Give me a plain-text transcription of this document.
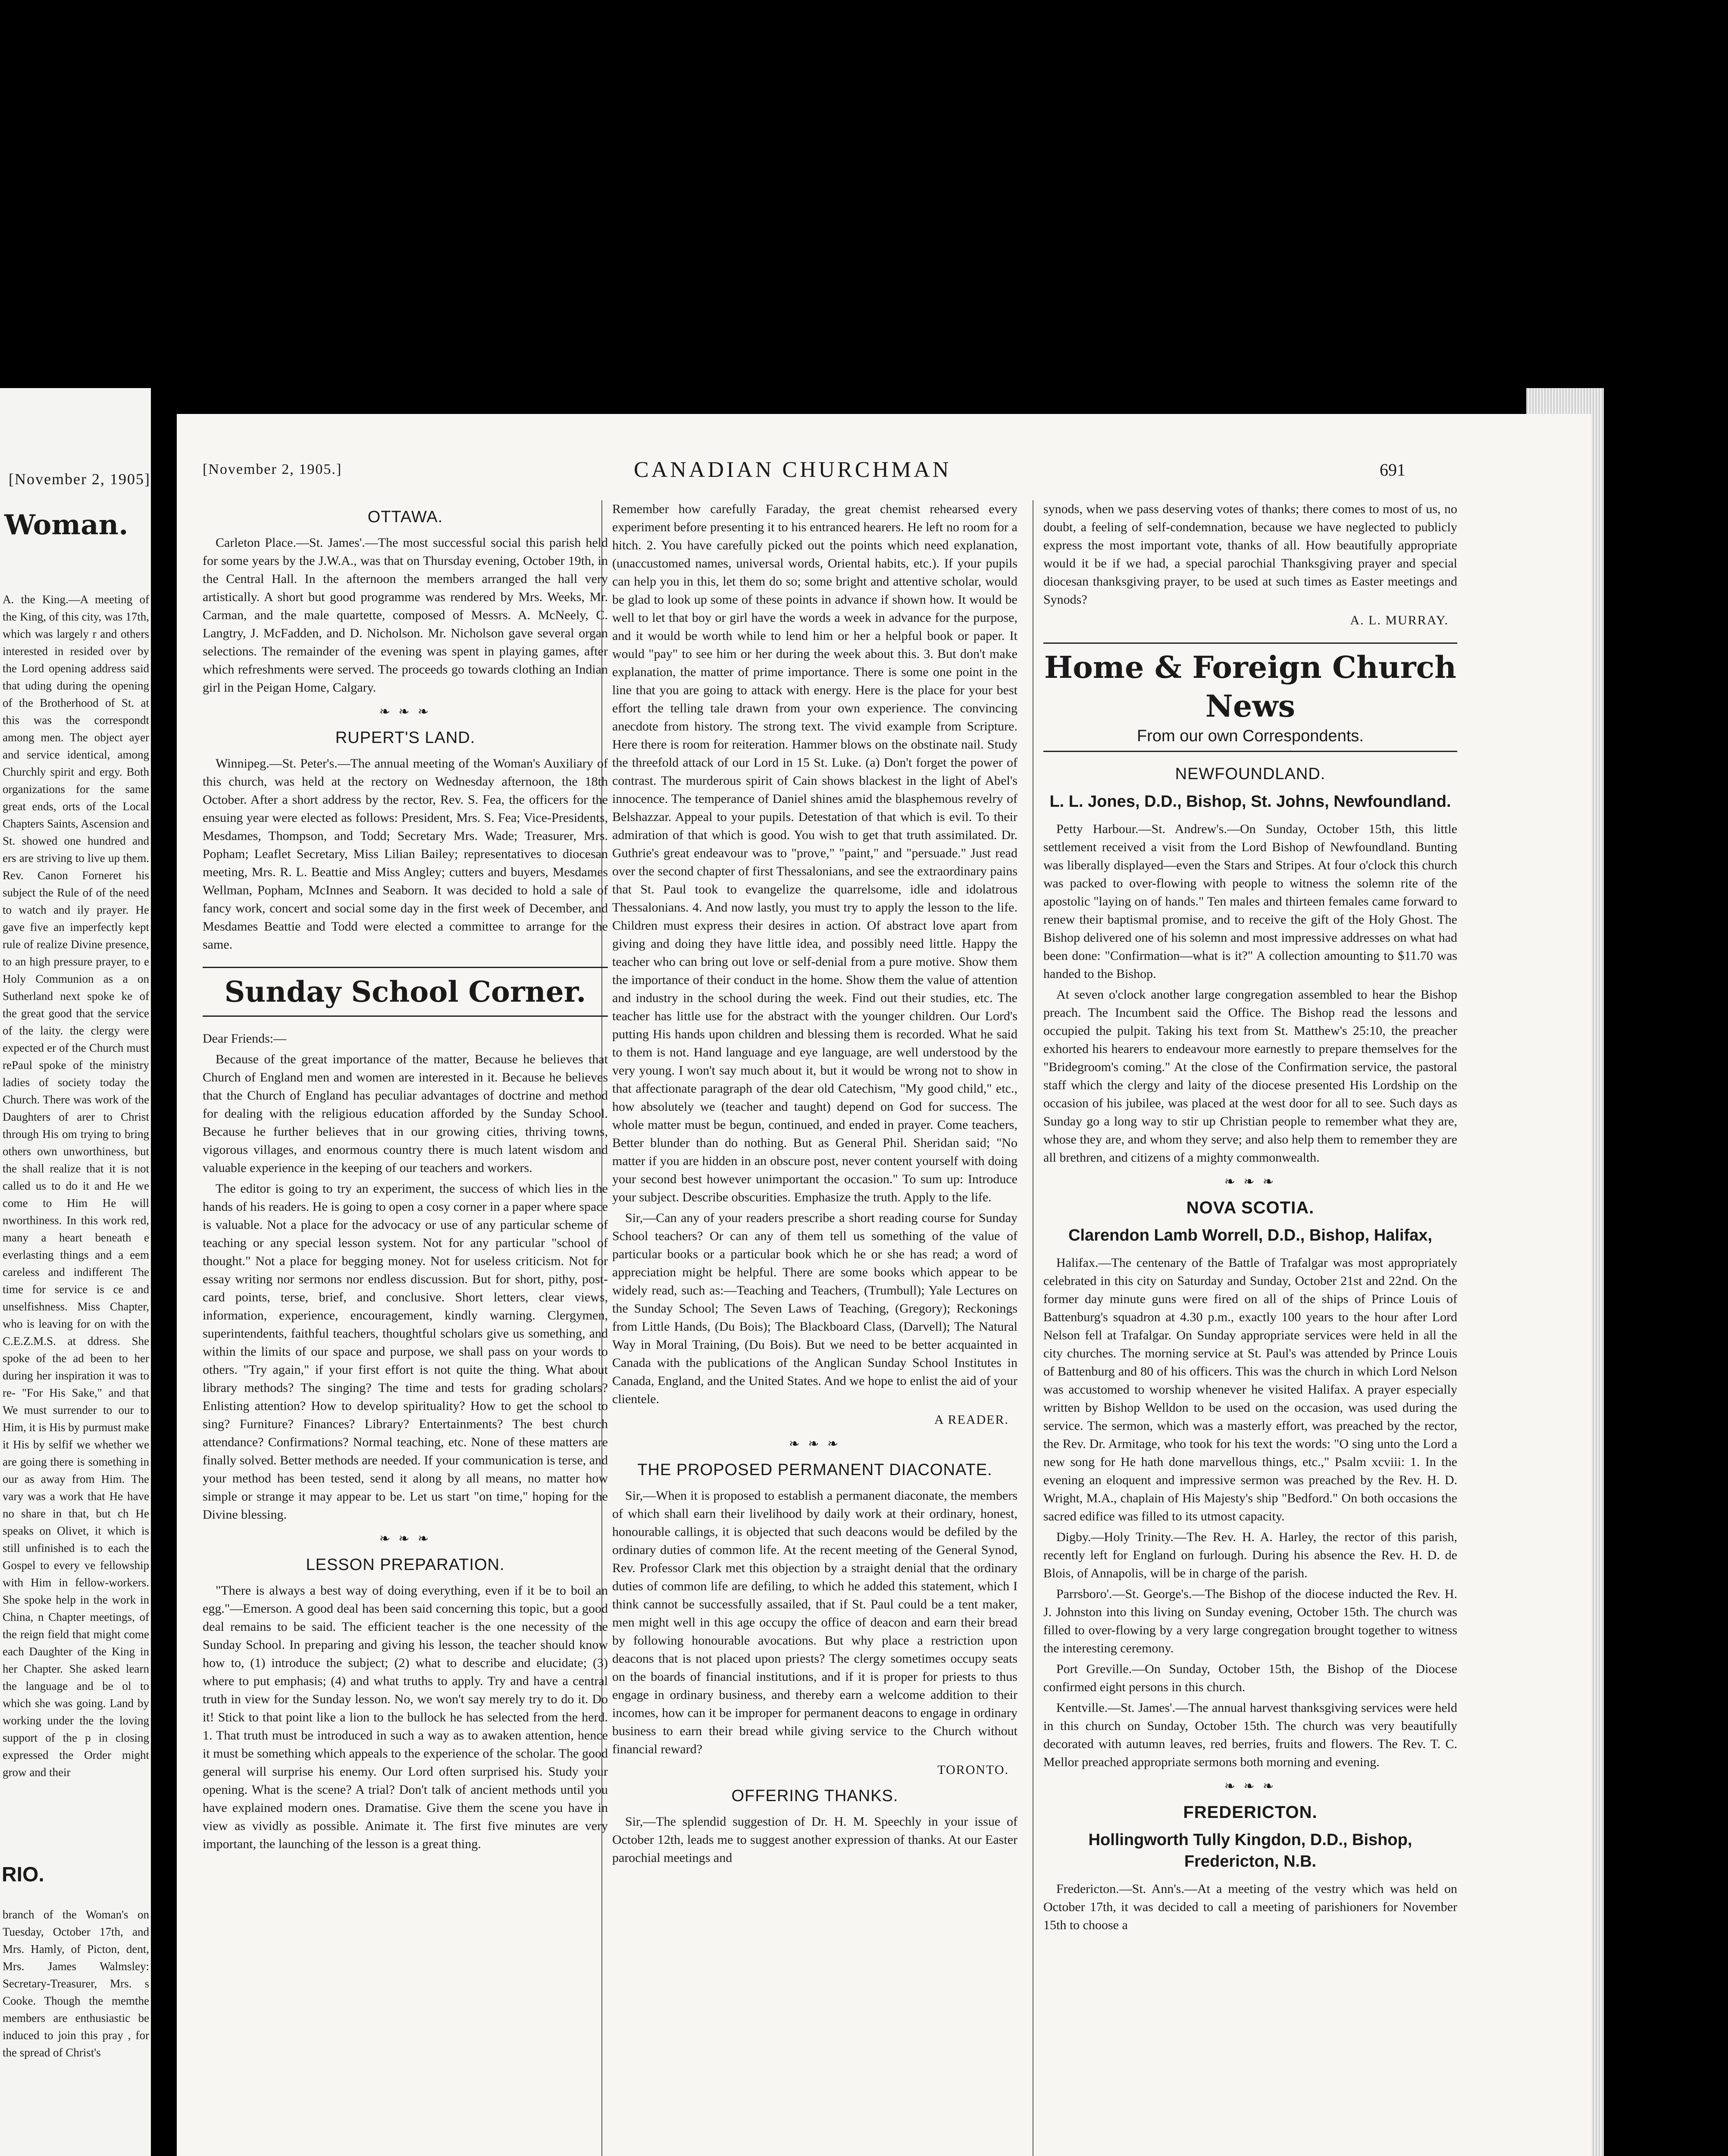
[November 2, 1905]
Woman.
A. the King.—A meeting of the King, of this city, was 17th, which was largely r and others interested in resided over by the Lord opening address said that uding during the opening of the Brotherhood of St. at this was the correspondt among men. The object ayer and service identical, among Churchly spirit and ergy. Both organizations for the same great ends, orts of the Local Chapters Saints, Ascension and St. showed one hundred and ers are striving to live up them. Rev. Canon Forneret his subject the Rule of of the need to watch and ily prayer. He gave five an imperfectly kept rule of realize Divine presence, to an high pressure prayer, to e Holy Communion as a on Sutherland next spoke ke of the great good that the service of the laity. the clergy were expected er of the Church must rePaul spoke of the ministry ladies of society today the Church. There was work of the Daughters of arer to Christ through His om trying to bring others own unworthiness, but the shall realize that it is not called us to do it and He we come to Him He will nworthiness. In this work red, many a heart beneath e everlasting things and a eem careless and indifferent The time for service is ce and unselfishness. Miss Chapter, who is leaving for on with the C.E.Z.M.S. at ddress. She spoke of the ad been to her during her inspiration it was to re- "For His Sake," and that We must surrender to our to Him, it is His by purmust make it His by selfif we whether we are going there is something in our as away from Him. The vary was a work that He have no share in that, but ch He speaks on Olivet, it which is still unfinished is to each the Gospel to every ve fellowship with Him in fellow-workers. She spoke help in the work in China, n Chapter meetings, of the reign field that might come each Daughter of the King in her Chapter. She asked learn the language and be ol to which she was going. Land by working under the the loving support of the p in closing expressed the Order might grow and their
RIO.
branch of the Woman's on Tuesday, October 17th, and Mrs. Hamly, of Picton, dent, Mrs. James Walmsley: Secretary-Treasurer, Mrs. s Cooke. Though the memthe members are enthusiastic be induced to join this pray , for the spread of Christ's
[November 2, 1905.]	CANADIAN CHURCHMAN	691
OTTAWA.

Carleton Place.—St. James'.—The most successful social this parish held for some years by the J.W.A., was that on Thursday evening, October 19th, in the Central Hall. In the afternoon the members arranged the hall very artistically. A short but good programme was rendered by Mrs. Weeks, Mr. Carman, and the male quartette, composed of Messrs. A. McNeely, C. Langtry, J. McFadden, and D. Nicholson. Mr. Nicholson gave several organ selections. The remainder of the evening was spent in playing games, after which refreshments were served. The proceeds go towards clothing an Indian girl in the Peigan Home, Calgary.

❧ ❧ ❧
RUPERT'S LAND.

Winnipeg.—St. Peter's.—The annual meeting of the Woman's Auxiliary of this church, was held at the rectory on Wednesday afternoon, the 18th October. After a short address by the rector, Rev. S. Fea, the officers for the ensuing year were elected as follows: President, Mrs. S. Fea; Vice-Presidents, Mesdames, Thompson, and Todd; Secretary Mrs. Wade; Treasurer, Mrs. Popham; Leaflet Secretary, Miss Lilian Bailey; representatives to diocesan meeting, Mrs. R. L. Beattie and Miss Angley; cutters and buyers, Mesdames Wellman, Popham, McInnes and Seaborn. It was decided to hold a sale of fancy work, concert and social some day in the first week of December, and Mesdames Beattie and Todd were elected a committee to arrange for the same.

Sunday School Corner.

Dear Friends:—

Because of the great importance of the matter, Because he believes that Church of England men and women are interested in it. Because he believes that the Church of England has peculiar advantages of doctrine and method for dealing with the religious education afforded by the Sunday School. Because he further believes that in our growing cities, thriving towns, vigorous villages, and enormous country there is much latent wisdom and valuable experience in the keeping of our teachers and workers.

The editor is going to try an experiment, the success of which lies in the hands of his readers. He is going to open a cosy corner in a paper where space is valuable. Not a place for the advocacy or use of any particular scheme of teaching or any special lesson system. Not for any particular "school of thought." Not a place for begging money. Not for useless criticism. Not for essay writing nor sermons nor endless discussion. But for short, pithy, post-card points, terse, brief, and conclusive. Short letters, clear views, information, experience, encouragement, kindly warning. Clergymen, superintendents, faithful teachers, thoughtful scholars give us something, and within the limits of our space and purpose, we shall pass on your words to others. "Try again," if your first effort is not quite the thing. What about library methods? The singing? The time and tests for grading scholars? Enlisting attention? How to develop spirituality? How to get the school to sing? Furniture? Finances? Library? Entertainments? The best church attendance? Confirmations? Normal teaching, etc. None of these matters are finally solved. Better methods are needed. If your communication is terse, and your method has been tested, send it along by all means, no matter how simple or strange it may appear to be. Let us start "on time," hoping for the Divine blessing.

❧ ❧ ❧
LESSON PREPARATION.

"There is always a best way of doing everything, even if it be to boil an egg."—Emerson. A good deal has been said concerning this topic, but a good deal remains to be said. The efficient teacher is the one necessity of the Sunday School. In preparing and giving his lesson, the teacher should know how to, (1) introduce the subject; (2) what to describe and elucidate; (3) where to put emphasis; (4) and what truths to apply. Try and have a central truth in view for the Sunday lesson. No, we won't say merely try to do it. Do it! Stick to that point like a lion to the bullock he has selected from the herd. 1. That truth must be introduced in such a way as to awaken attention, hence it must be something which appeals to the experience of the scholar. The good general will surprise his enemy. Our Lord often surprised his. Study your opening. What is the scene? A trial? Don't talk of ancient methods until you have explained modern ones. Dramatise. Give them the scene you have in view as vividly as possible. Animate it. The first five minutes are very important, the launching of the lesson is a great thing.

Remember how carefully Faraday, the great chemist rehearsed every experiment before presenting it to his entranced hearers. He left no room for a hitch. 2. You have carefully picked out the points which need explanation, (unaccustomed names, universal words, Oriental habits, etc.). If your pupils can help you in this, let them do so; some bright and attentive scholar, would be glad to look up some of these points in advance if shown how. It would be well to let that boy or girl have the words a week in advance for the purpose, and it would be worth while to lend him or her a helpful book or paper. It would "pay" to see him or her during the week about this. 3. But don't make explanation, the matter of prime importance. There is some one point in the line that you are going to attack with energy. Here is the place for your best effort the telling tale drawn from your own experience. The convincing anecdote from history. The strong text. The vivid example from Scripture. Here there is room for reiteration. Hammer blows on the obstinate nail. Study the threefold attack of our Lord in 15 St. Luke. (a) Don't forget the power of contrast. The murderous spirit of Cain shows blackest in the light of Abel's innocence. The temperance of Daniel shines amid the blasphemous revelry of Belshazzar. Appeal to your pupils. Detestation of that which is evil. To their admiration of that which is good. You wish to get that truth assimilated. Dr. Guthrie's great endeavour was to "prove," "paint," and "persuade." Just read over the second chapter of first Thessalonians, and see the extraordinary pains that St. Paul took to evangelize the quarrelsome, idle and idolatrous Thessalonians. 4. And now lastly, you must try to apply the lesson to the life. Children must express their desires in action. Of abstract love apart from giving and doing they have little idea, and possibly need little. Happy the teacher who can bring out love or self-denial from a pure motive. Show them the importance of their conduct in the home. Show them the value of attention and industry in the school during the week. Find out their studies, etc. The teacher has little use for the abstract with the younger children. Our Lord's putting His hands upon children and blessing them is recorded. What he said to them is not. Hand language and eye language, are well understood by the very young. I won't say much about it, but it would be wrong not to show in that affectionate paragraph of the dear old Catechism, "My good child," etc., how absolutely we (teacher and taught) depend on God for success. The whole matter must be begun, continued, and ended in prayer. Come teachers, Better blunder than do nothing. But as General Phil. Sheridan said; "No matter if you are hidden in an obscure post, never content yourself with doing your second best however unimportant the occasion." To sum up: Introduce your subject. Describe obscurities. Emphasize the truth. Apply to the life.

Sir,—Can any of your readers prescribe a short reading course for Sunday School teachers? Or can any of them tell us something of the value of particular books or a particular book which he or she has read; a word of appreciation might be helpful. There are some books which appear to be widely read, such as:—Teaching and Teachers, (Trumbull); Yale Lectures on the Sunday School; The Seven Laws of Teaching, (Gregory); Reckonings from Little Hands, (Du Bois); The Blackboard Class, (Darvell); The Natural Way in Moral Training, (Du Bois). But we need to be better acquainted in Canada with the publications of the Anglican Sunday School Institutes in Canada, England, and the United States. And we hope to enlist the aid of your clientele.

A READER.
❧ ❧ ❧
THE PROPOSED PERMANENT DIACONATE.

Sir,—When it is proposed to establish a permanent diaconate, the members of which shall earn their livelihood by daily work at their ordinary, honest, honourable callings, it is objected that such deacons would be defiled by the ordinary duties of common life. At the recent meeting of the General Synod, Rev. Professor Clark met this objection by a straight denial that the ordinary duties of common life are defiling, to which he added this statement, which I think cannot be successfully assailed, that if St. Paul could be a tent maker, men might well in this age occupy the office of deacon and earn their bread by following honourable avocations. But why place a restriction upon deacons that is not placed upon priests? The clergy sometimes occupy seats on the boards of financial institutions, and if it is proper for priests to thus engage in ordinary business, and thereby earn a welcome addition to their incomes, how can it be improper for permanent deacons to engage in ordinary business to earn their bread while giving service to the Church without financial reward?

TORONTO.
OFFERING THANKS.

Sir,—The splendid suggestion of Dr. H. M. Speechly in your issue of October 12th, leads me to suggest another expression of thanks. At our Easter parochial meetings and

synods, when we pass deserving votes of thanks; there comes to most of us, no doubt, a feeling of self-condemnation, because we have neglected to publicly express the most important vote, thanks of all. How beautifully appropriate would it be if we had, a special parochial Thanksgiving prayer and special diocesan thanksgiving prayer, to be used at such times as Easter meetings and Synods?

A. L. MURRAY.
Home & Foreign Church News
From our own Correspondents.
NEWFOUNDLAND.
L. L. Jones, D.D., Bishop, St. Johns, Newfoundland.

Petty Harbour.—St. Andrew's.—On Sunday, October 15th, this little settlement received a visit from the Lord Bishop of Newfoundland. Bunting was liberally displayed—even the Stars and Stripes. At four o'clock this church was packed to over-flowing with people to witness the solemn rite of the apostolic "laying on of hands." Ten males and thirteen females came forward to renew their baptismal promise, and to receive the gift of the Holy Ghost. The Bishop delivered one of his solemn and most impressive addresses on what had been done: "Confirmation—what is it?" A collection amounting to $11.70 was handed to the Bishop.

At seven o'clock another large congregation assembled to hear the Bishop preach. The Incumbent said the Office. The Bishop read the lessons and occupied the pulpit. Taking his text from St. Matthew's 25:10, the preacher exhorted his hearers to endeavour more earnestly to prepare themselves for the "Bridegroom's coming." At the close of the Confirmation service, the pastoral staff which the clergy and laity of the diocese presented His Lordship on the occasion of his jubilee, was placed at the west door for all to see. Such days as Sunday go a long way to stir up Christian people to remember what they are, whose they are, and whom they serve; and also help them to remember they are all brethren, and citizens of a mighty commonwealth.

❧ ❧ ❧
NOVA SCOTIA.
Clarendon Lamb Worrell, D.D., Bishop, Halifax,

Halifax.—The centenary of the Battle of Trafalgar was most appropriately celebrated in this city on Saturday and Sunday, October 21st and 22nd. On the former day minute guns were fired on all of the ships of Prince Louis of Battenburg's squadron at 4.30 p.m., exactly 100 years to the hour after Lord Nelson fell at Trafalgar. On Sunday appropriate services were held in all the city churches. The morning service at St. Paul's was attended by Prince Louis of Battenburg and 80 of his officers. This was the church in which Lord Nelson was accustomed to worship whenever he visited Halifax. A prayer especially written by Bishop Welldon to be used on the occasion, was used during the service. The sermon, which was a masterly effort, was preached by the rector, the Rev. Dr. Armitage, who took for his text the words: "O sing unto the Lord a new song for He hath done marvellous things, etc.," Psalm xcviii: 1. In the evening an eloquent and impressive sermon was preached by the Rev. H. D. Wright, M.A., chaplain of His Majesty's ship "Bedford." On both occasions the sacred edifice was filled to its utmost capacity.

Digby.—Holy Trinity.—The Rev. H. A. Harley, the rector of this parish, recently left for England on furlough. During his absence the Rev. H. D. de Blois, of Annapolis, will be in charge of the parish.

Parrsboro'.—St. George's.—The Bishop of the diocese inducted the Rev. H. J. Johnston into this living on Sunday evening, October 15th. The church was filled to over-flowing by a very large congregation brought together to witness the interesting ceremony.

Port Greville.—On Sunday, October 15th, the Bishop of the Diocese confirmed eight persons in this church.

Kentville.—St. James'.—The annual harvest thanksgiving services were held in this church on Sunday, October 15th. The church was very beautifully decorated with autumn leaves, red berries, fruits and flowers. The Rev. T. C. Mellor preached appropriate sermons both morning and evening.

❧ ❧ ❧
FREDERICTON.
Hollingworth Tully Kingdon, D.D., Bishop, Fredericton, N.B.

Fredericton.—St. Ann's.—At a meeting of the vestry which was held on October 17th, it was decided to call a meeting of parishioners for November 15th to choose a
